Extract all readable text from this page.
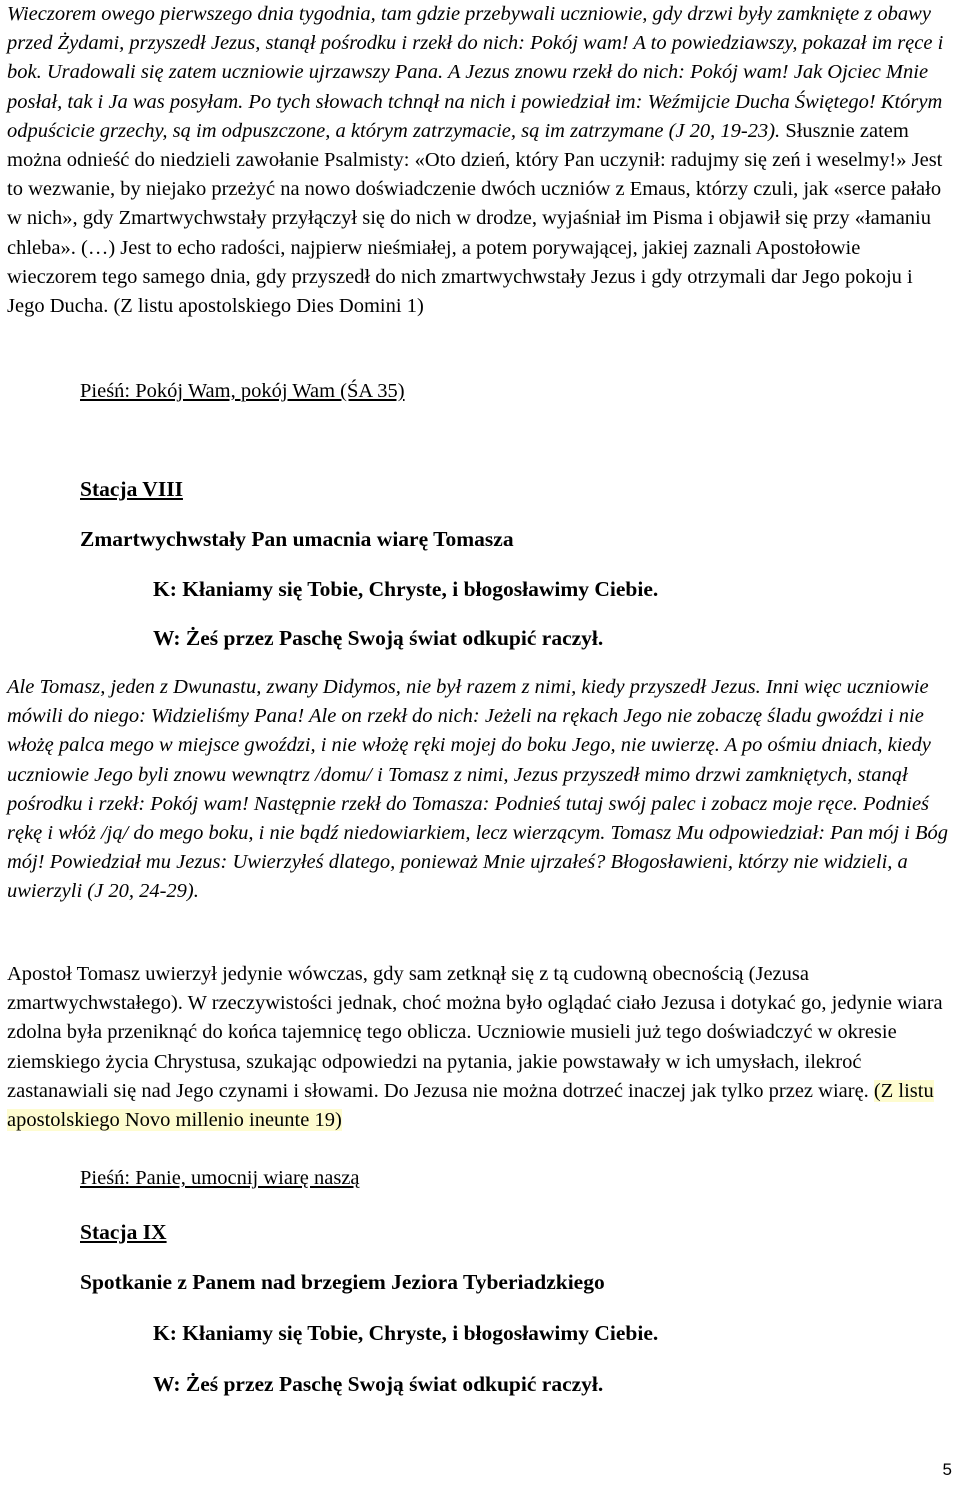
Wieczorem owego pierwszego dnia tygodnia, tam gdzie przebywali uczniowie, gdy drzwi były zamknięte z obawy przed Żydami, przyszedł Jezus, stanął pośrodku i rzekł do nich: Pokój wam! A to powiedziawszy, pokazał im ręce i bok. Uradowali się zatem uczniowie ujrzawszy Pana. A Jezus znowu rzekł do nich: Pokój wam! Jak Ojciec Mnie posłał, tak i Ja was posyłam. Po tych słowach tchnął na nich i powiedział im: Weźmijcie Ducha Świętego! Którym odpuścicie grzechy, są im odpuszczone, a którym zatrzymacie, są im zatrzymane (J 20, 19-23). Słusznie zatem można odnieść do niedzieli zawołanie Psalmisty: «Oto dzień, który Pan uczynił: radujmy się zeń i weselmy!» Jest to wezwanie, by niejako przeżyć na nowo doświadczenie dwóch uczniów z Emaus, którzy czuli, jak «serce pałało w nich», gdy Zmartwychwstały przyłączył się do nich w drodze, wyjaśniał im Pisma i objawił się przy «łamaniu chleba». (…) Jest to echo radości, najpierw nieśmiałej, a potem porywającej, jakiej zaznali Apostołowie wieczorem tego samego dnia, gdy przyszedł do nich zmartwychwstały Jezus i gdy otrzymali dar Jego pokoju i Jego Ducha. (Z listu apostolskiego Dies Domini 1)

Pieśń: Pokój Wam, pokój Wam (ŚA 35)
Stacja VIII
Zmartwychwstały Pan umacnia wiarę Tomasza
K: Kłaniamy się Tobie, Chryste, i błogosławimy Ciebie.
W: Żeś przez Paschę Swoją świat odkupić raczył.

Ale Tomasz, jeden z Dwunastu, zwany Didymos, nie był razem z nimi, kiedy przyszedł Jezus. Inni więc uczniowie mówili do niego: Widzieliśmy Pana! Ale on rzekł do nich: Jeżeli na rękach Jego nie zobaczę śladu gwoździ i nie włożę palca mego w miejsce gwoździ, i nie włożę ręki mojej do boku Jego, nie uwierzę. A po ośmiu dniach, kiedy uczniowie Jego byli znowu wewnątrz /domu/ i Tomasz z nimi, Jezus przyszedł mimo drzwi zamkniętych, stanął pośrodku i rzekł: Pokój wam! Następnie rzekł do Tomasza: Podnieś tutaj swój palec i zobacz moje ręce. Podnieś rękę i włóż /ją/ do mego boku, i nie bądź niedowiarkiem, lecz wierzącym. Tomasz Mu odpowiedział: Pan mój i Bóg mój! Powiedział mu Jezus: Uwierzyłeś dlatego, ponieważ Mnie ujrzałeś? Błogosławieni, którzy nie widzieli, a uwierzyli (J 20, 24-29).

Apostoł Tomasz uwierzył jedynie wówczas, gdy sam zetknął się z tą cudowną obecnością (Jezusa zmartwychwstałego). W rzeczywistości jednak, choć można było oglądać ciało Jezusa i dotykać go, jedynie wiara zdolna była przeniknąć do końca tajemnicę tego oblicza. Uczniowie musieli już tego doświadczyć w okresie ziemskiego życia Chrystusa, szukając odpowiedzi na pytania, jakie powstawały w ich umysłach, ilekroć zastanawiali się nad Jego czynami i słowami. Do Jezusa nie można dotrzeć inaczej jak tylko przez wiarę. (Z listu apostolskiego Novo millenio ineunte 19)

Pieśń: Panie, umocnij wiarę naszą
Stacja IX
Spotkanie z Panem nad brzegiem Jeziora Tyberiadzkiego
K: Kłaniamy się Tobie, Chryste, i błogosławimy Ciebie.
W: Żeś przez Paschę Swoją świat odkupić raczył.
5
